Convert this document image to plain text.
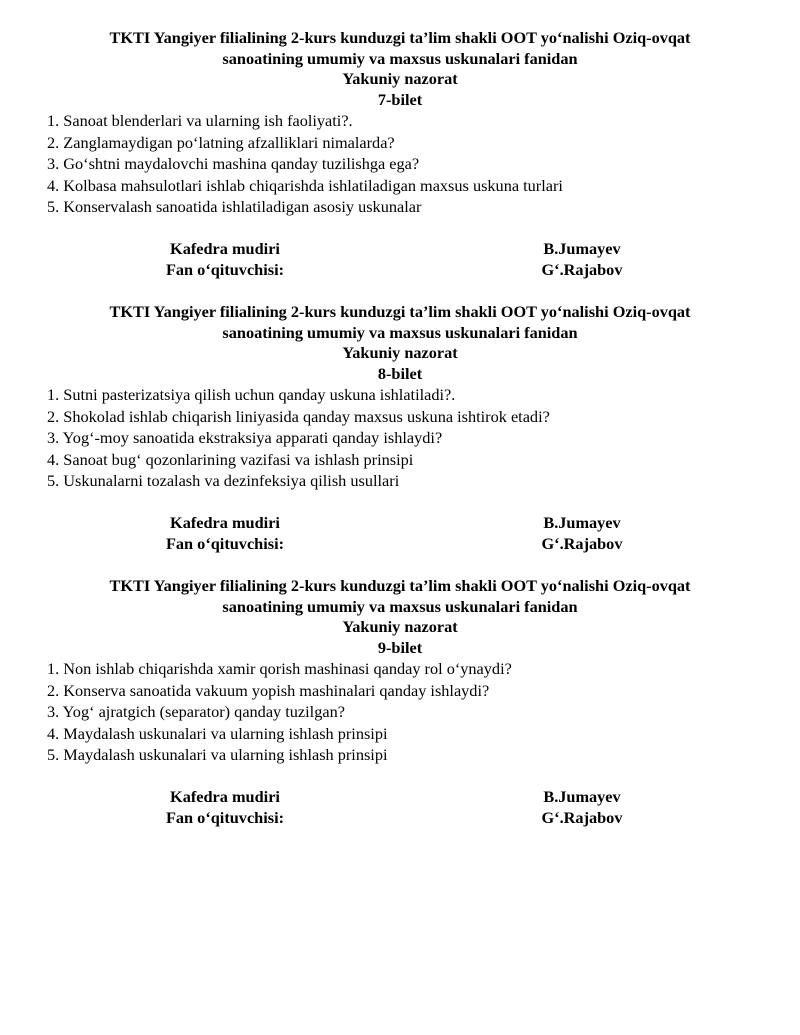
TKTI Yangiyer filialining 2-kurs kunduzgi ta’lim shakli OOT yo‘nalishi Oziq-ovqat
sanoatining umumiy va maxsus uskunalari fanidan
Yakuniy nazorat
7-bilet
1. Sanoat blenderlari va ularning ish faoliyati?.
2. Zanglamaydigan po‘latning afzalliklari nimalarda?
3. Go‘shtni maydalovchi mashina qanday tuzilishga ega?
4. Kolbasa mahsulotlari ishlab chiqarishda ishlatiladigan maxsus uskuna turlari
5. Konservalash sanoatida ishlatiladigan asosiy uskunalar
Kafedra mudiri	B.Jumayev
Fan o‘qituvchisi:	G‘.Rajabov
TKTI Yangiyer filialining 2-kurs kunduzgi ta’lim shakli OOT yo‘nalishi Oziq-ovqat
sanoatining umumiy va maxsus uskunalari fanidan
Yakuniy nazorat
8-bilet
1. Sutni pasterizatsiya qilish uchun qanday uskuna ishlatiladi?.
2. Shokolad ishlab chiqarish liniyasida qanday maxsus uskuna ishtirok etadi?
3. Yog‘-moy sanoatida ekstraksiya apparati qanday ishlaydi?
4. Sanoat bug‘ qozonlarining vazifasi va ishlash prinsipi
5. Uskunalarni tozalash va dezinfeksiya qilish usullari
Kafedra mudiri	B.Jumayev
Fan o‘qituvchisi:	G‘.Rajabov
TKTI Yangiyer filialining 2-kurs kunduzgi ta’lim shakli OOT yo‘nalishi Oziq-ovqat
sanoatining umumiy va maxsus uskunalari fanidan
Yakuniy nazorat
9-bilet
1. Non ishlab chiqarishda xamir qorish mashinasi qanday rol o‘ynaydi?
2. Konserva sanoatida vakuum yopish mashinalari qanday ishlaydi?
3. Yog‘ ajratgich (separator) qanday tuzilgan?
4. Maydalash uskunalari va ularning ishlash prinsipi
5. Maydalash uskunalari va ularning ishlash prinsipi
Kafedra mudiri	B.Jumayev
Fan o‘qituvchisi:	G‘.Rajabov
